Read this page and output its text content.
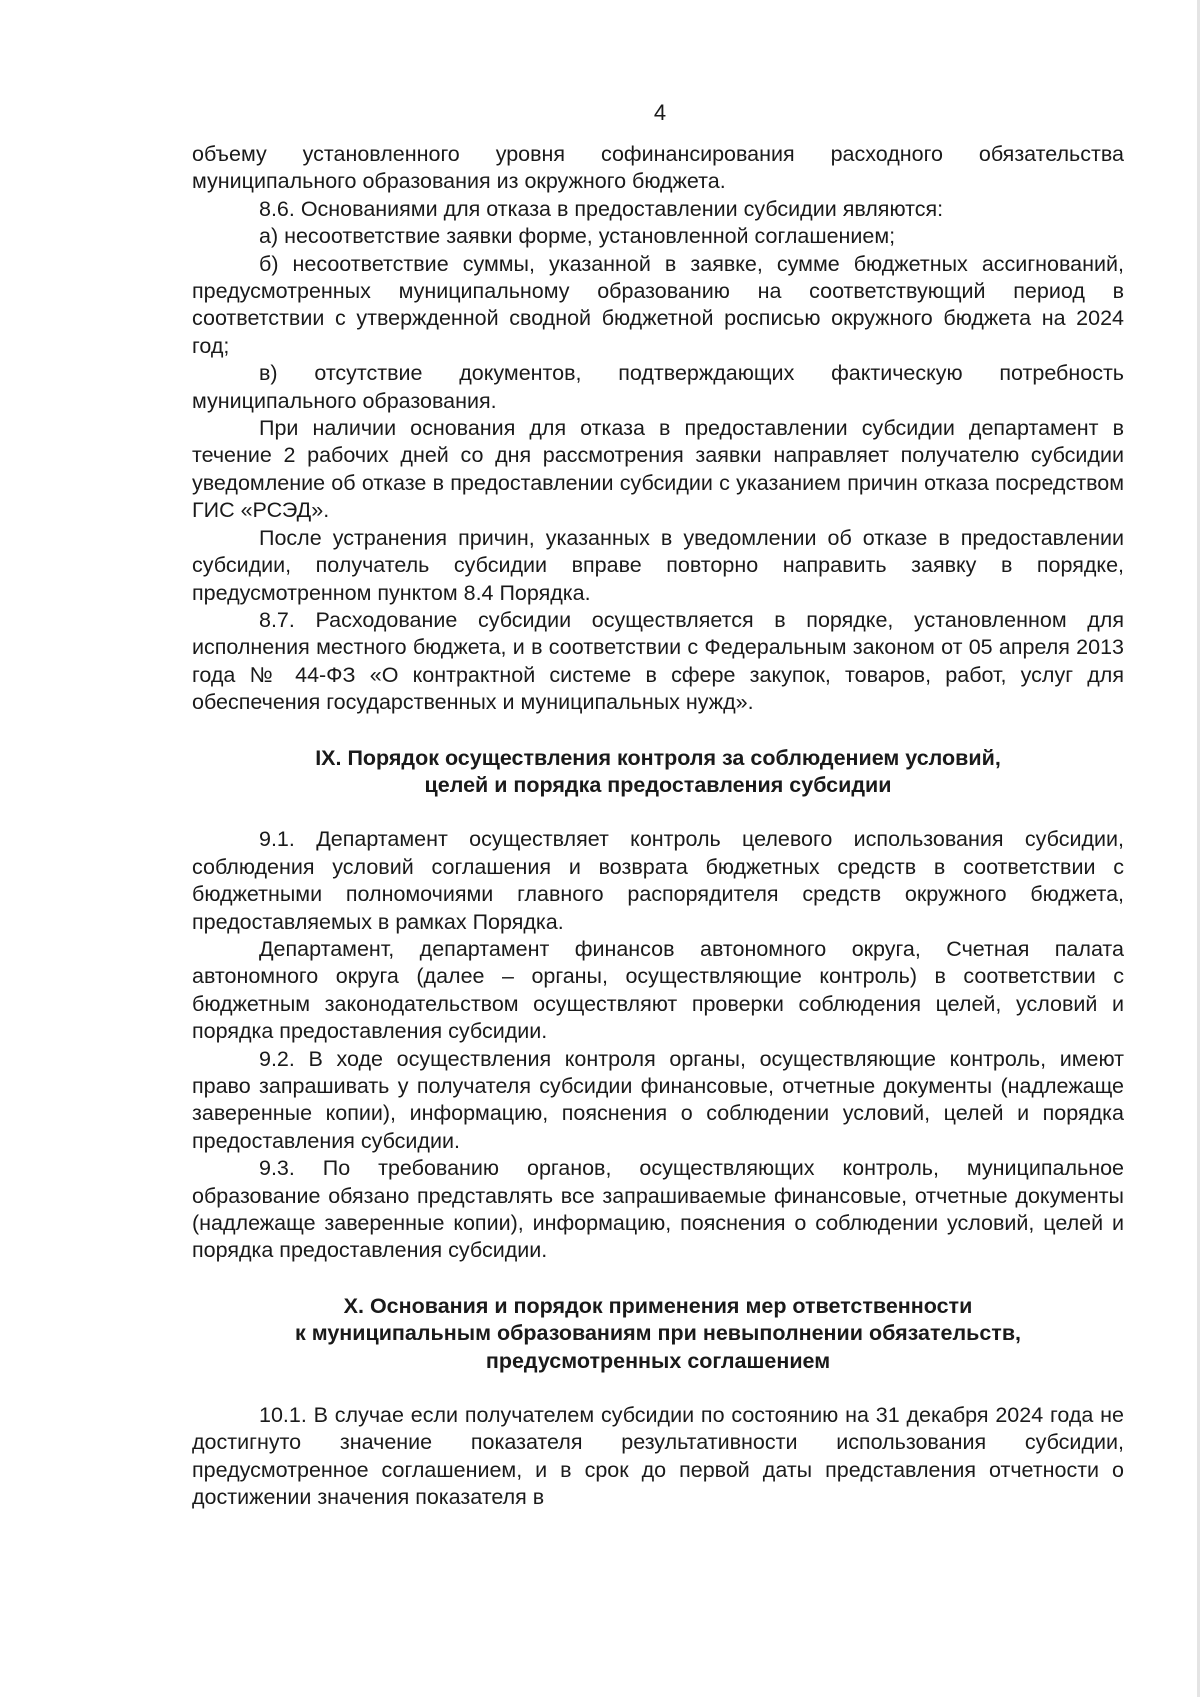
4

объему установленного уровня софинансирования расходного обязательства муниципального образования из окружного бюджета.

8.6. Основаниями для отказа в предоставлении субсидии являются:

а) несоответствие заявки форме, установленной соглашением;

б) несоответствие суммы, указанной в заявке, сумме бюджетных ассигнований, предусмотренных муниципальному образованию на соответствующий период в соответствии с утвержденной сводной бюджетной росписью окружного бюджета на 2024 год;

в) отсутствие документов, подтверждающих фактическую потребность муниципального образования.

При наличии основания для отказа в предоставлении субсидии департамент в течение 2 рабочих дней со дня рассмотрения заявки направляет получателю субсидии уведомление об отказе в предоставлении субсидии с указанием причин отказа посредством ГИС «РСЭД».

После устранения причин, указанных в уведомлении об отказе в предоставлении субсидии, получатель субсидии вправе повторно направить заявку в порядке, предусмотренном пунктом 8.4 Порядка.

8.7. Расходование субсидии осуществляется в порядке, установленном для исполнения местного бюджета, и в соответствии с Федеральным законом от 05 апреля 2013 года № 44-ФЗ «О контрактной системе в сфере закупок, товаров, работ, услуг для обеспечения государственных и муниципальных нужд».

IX. Порядок осуществления контроля за соблюдением условий,
целей и порядка предоставления субсидии

9.1. Департамент осуществляет контроль целевого использования субсидии, соблюдения условий соглашения и возврата бюджетных средств в соответствии с бюджетными полномочиями главного распорядителя средств окружного бюджета, предоставляемых в рамках Порядка.

Департамент, департамент финансов автономного округа, Счетная палата автономного округа (далее – органы, осуществляющие контроль) в соответствии с бюджетным законодательством осуществляют проверки соблюдения целей, условий и порядка предоставления субсидии.

9.2. В ходе осуществления контроля органы, осуществляющие контроль, имеют право запрашивать у получателя субсидии финансовые, отчетные документы (надлежаще заверенные копии), информацию, пояснения о соблюдении условий, целей и порядка предоставления субсидии.

9.3. По требованию органов, осуществляющих контроль, муниципальное образование обязано представлять все запрашиваемые финансовые, отчетные документы (надлежаще заверенные копии), информацию, пояснения о соблюдении условий, целей и порядка предоставления субсидии.

X. Основания и порядок применения мер ответственности
к муниципальным образованиям при невыполнении обязательств,
предусмотренных соглашением

10.1. В случае если получателем субсидии по состоянию на 31 декабря 2024 года не достигнуто значение показателя результативности использования субсидии, предусмотренное соглашением, и в срок до первой даты представления отчетности о достижении значения показателя в
